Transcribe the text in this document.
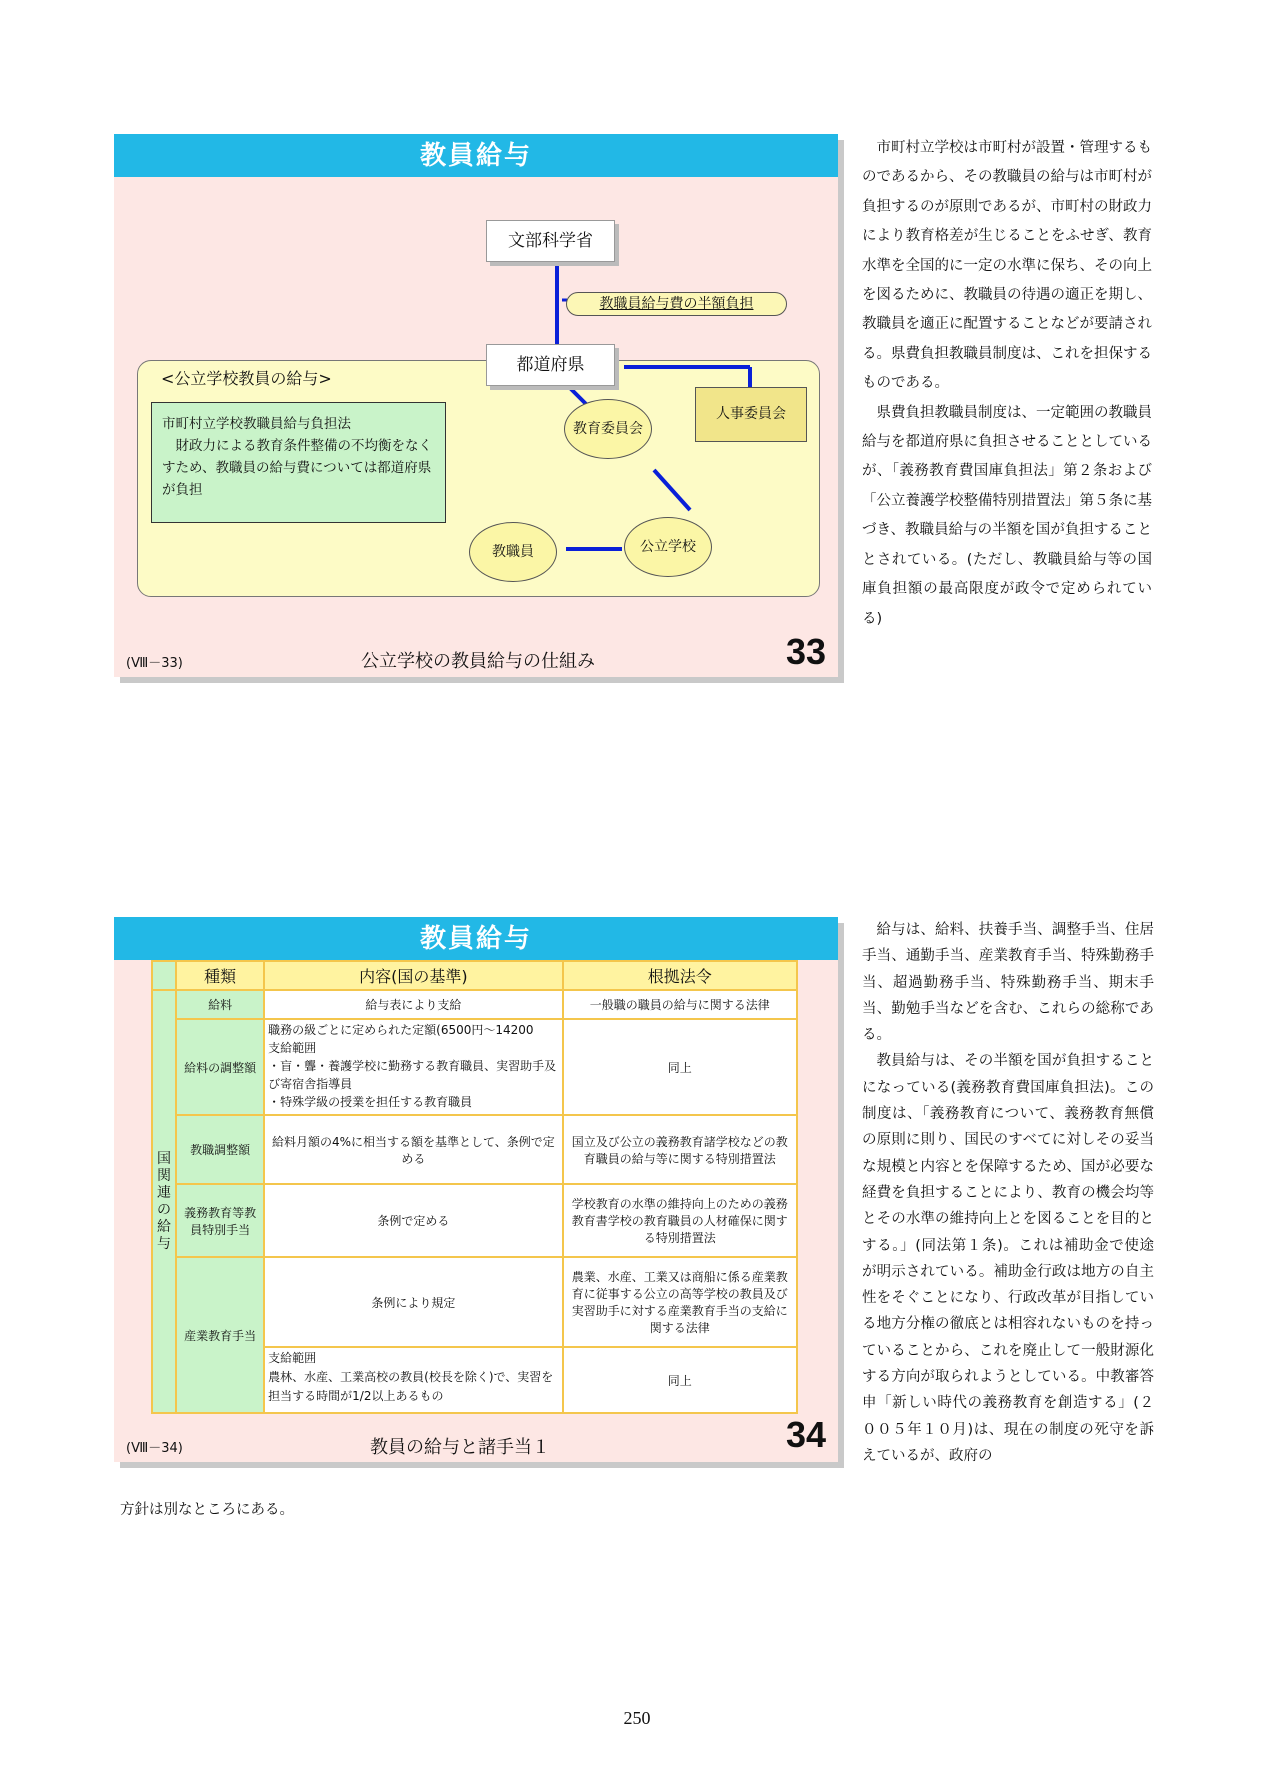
教員給与
<公立学校教員の給与>
文部科学省
教職員給与費の半額負担
都道府県
市町村立学校教職員給与負担法
財政力による教育条件整備の不均衡をなくすため、教職員の給与費については都道府県が負担
人事委員会
教育委員会
教職員	公立学校
(Ⅷ－33)	公立学校の教員給与の仕組み	33
教員給与
	種類	内容(国の基準)	根拠法令

国関連の給与	給料	給与表により支給	一般職の職員の給与に関する法律
	給料の調整額	職務の級ごとに定められた定額(6500円～14200
支給範囲
・盲・聾・養護学校に勤務する教育職員、実習助手及び寄宿舎指導員
・特殊学級の授業を担任する教育職員	同上
	教職調整額	給料月額の4%に相当する額を基準として、条例で定める	国立及び公立の義務教育諸学校などの教育職員の給与等に関する特別措置法
	義務教育等教員特別手当	条例で定める	学校教育の水準の維持向上のための義務教育書学校の教育職員の人材確保に関する特別措置法
	産業教育手当	条例により規定	農業、水産、工業又は商船に係る産業教育に従事する公立の高等学校の教員及び実習助手に対する産業教育手当の支給に関する法律
		支給範囲
農林、水産、工業高校の教員(校長を除く)で、実習を担当する時間が1/2以上あるもの	同上
(Ⅷ－34)	教員の給与と諸手当１	34

市町村立学校は市町村が設置・管理するものであるから、その教職員の給与は市町村が負担するのが原則であるが、市町村の財政力により教育格差が生じることをふせぎ、教育水準を全国的に一定の水準に保ち、その向上を図るために、教職員の待遇の適正を期し、教職員を適正に配置することなどが要請される。県費負担教職員制度は、これを担保するものである。

県費負担教職員制度は、一定範囲の教職員給与を都道府県に負担させることとしているが、「義務教育費国庫負担法」第２条および「公立養護学校整備特別措置法」第５条に基づき、教職員給与の半額を国が負担することとされている。(ただし、教職員給与等の国庫負担額の最高限度が政令で定められている)

給与は、給料、扶養手当、調整手当、住居手当、通勤手当、産業教育手当、特殊勤務手当、超過勤務手当、特殊勤務手当、期末手当、勤勉手当などを含む、これらの総称である。

教員給与は、その半額を国が負担することになっている(義務教育費国庫負担法)。この制度は、「義務教育について、義務教育無償の原則に則り、国民のすべてに対しその妥当な規模と内容とを保障するため、国が必要な経費を負担することにより、教育の機会均等とその水準の維持向上とを図ることを目的とする。」(同法第１条)。これは補助金で使途が明示されている。補助金行政は地方の自主性をそぐことになり、行政改革が目指している地方分権の徹底とは相容れないものを持っていることから、これを廃止して一般財源化する方向が取られようとしている。中教審答申「新しい時代の義務教育を創造する」(２００５年１０月)は、現在の制度の死守を訴えているが、政府の

方針は別なところにある。
250
